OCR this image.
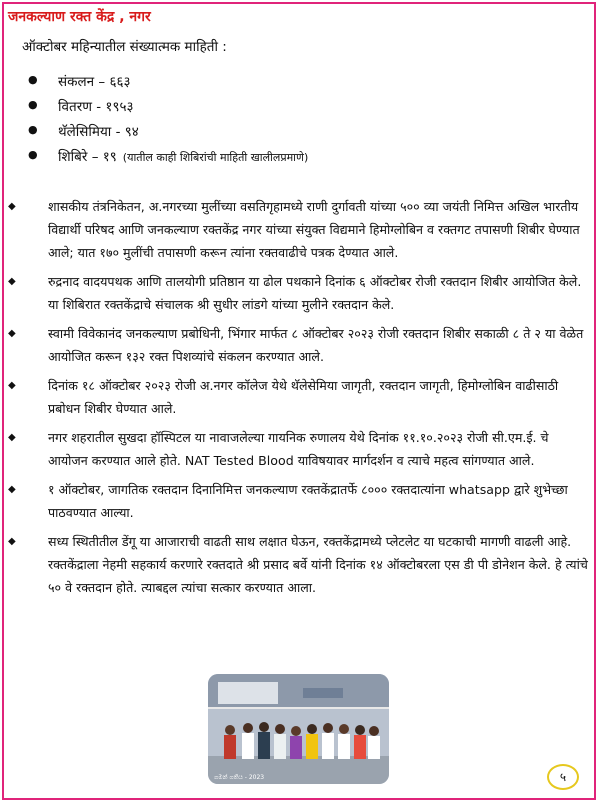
जनकल्याण रक्त केंद्र , नगर
ऑक्टोबर महिन्यातील संख्यात्मक माहिती :
● संकलन – ६६३
● वितरण - १९५३
● थॅलेसिमिया - ९४
● शिबिरे – १९ (यातील काही शिबिरांची माहिती खालीलप्रमाणे)
◆	शासकीय तंत्रनिकेतन, अ.नगरच्या मुलींच्या वसतिगृहामध्ये राणी दुर्गावती यांच्या ५०० व्या जयंती निमित्त अखिल भारतीय विद्यार्थी परिषद आणि जनकल्याण रक्तकेंद्र नगर यांच्या संयुक्त विद्यमाने हिमोग्लोबिन व रक्तगट तपासणी शिबीर घेण्यात आले; यात १७० मुलींची तपासणी करून त्यांना रक्तवाढीचे पत्रक देण्यात आले.
◆	रुद्रनाद वादयपथक आणि तालयोगी प्रतिष्ठान या ढोल पथकाने दिनांक ६ ऑक्टोबर रोजी रक्तदान शिबीर आयोजित केले. या शिबिरात रक्तकेंद्राचे संचालक श्री सुधीर लांडगे यांच्या मुलीने रक्तदान केले.
◆	स्वामी विवेकानंद जनकल्याण प्रबोधिनी, भिंगार मार्फत ८ ऑक्टोबर २०२३ रोजी रक्तदान शिबीर सकाळी ८ ते २ या वेळेत आयोजित करून १३२ रक्त पिशव्यांचे संकलन करण्यात आले.
◆	दिनांक १८ ऑक्टोबर २०२३ रोजी अ.नगर कॉलेज येथे थॅलेसेमिया जागृती, रक्तदान जागृती, हिमोग्लोबिन वाढीसाठी प्रबोधन शिबीर घेण्यात आले.
◆	नगर शहरातील सुखदा हॉस्पिटल या नावाजलेल्या गायनिक रुणालय येथे दिनांक ११.१०.२०२३ रोजी सी.एम.ई. चे आयोजन करण्यात आले होते. NAT Tested Blood याविषयावर मार्गदर्शन व त्याचे महत्व सांगण्यात आले.
◆	१ ऑक्टोबर, जागतिक रक्तदान दिनानिमित्त जनकल्याण रक्तकेंद्रातर्फे ८००० रक्तदात्यांना whatsapp द्वारे शुभेच्छा पाठवण्यात आल्या.
◆	सध्य स्थितीतील डेंगू या आजाराची वाढती साथ लक्षात घेऊन, रक्तकेंद्रामध्ये प्लेटलेट या घटकाची मागणी वाढली आहे. रक्तकेंद्राला नेहमी सहकार्य करणारे रक्तदाते श्री प्रसाद बर्वे यांनी दिनांक १४ ऑक्टोबरला एस डी पी डोनेशन केले. हे त्यांचे ५० वे रक्तदान होते. त्याबद्दल त्यांचा सत्कार करण्यात आला.
ගමන් ගතිය - 2023	५
